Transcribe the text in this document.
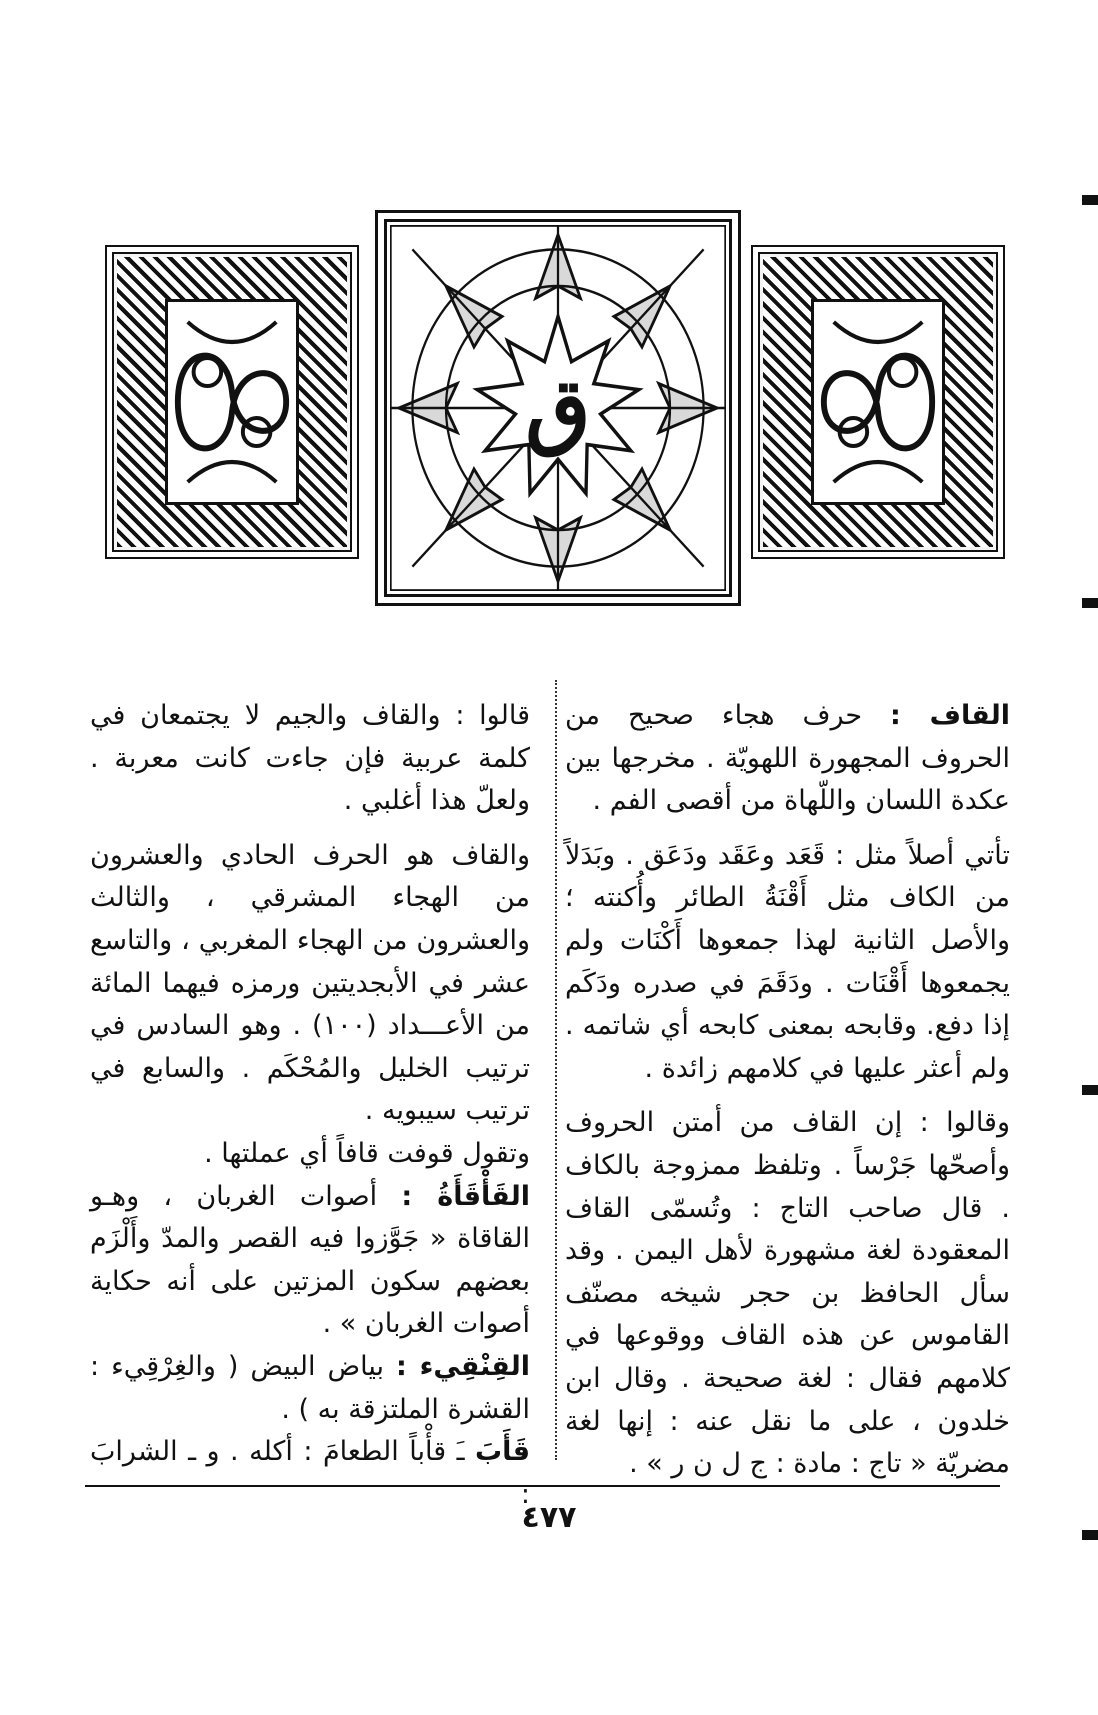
ق

القاف : حرف هجاء صحيح من الحروف المجهورة اللهويّة . مخرجها بين عكدة اللسان واللّهاة من أقصى الفم .

تأتي أصلاً مثل : قَعَد وعَقَد ودَعَق . وبَدَلاً من الكاف مثل أَقْنَةُ الطائر وأُكنته ؛ والأصل الثانية لهذا جمعوها أَكْنَات ولم يجمعوها أَقْنَات . ودَقَمَ في صدره ودَكَم إذا دفع. وقابحه بمعنى كابحه أي شاتمه . ولم أعثر عليها في كلامهم زائدة .

وقالوا : إن القاف من أمتن الحروف وأصحّها جَرْساً . وتلفظ ممزوجة بالكاف . قال صاحب التاج : وتُسمّى القاف المعقودة لغة مشهورة لأهل اليمن . وقد سأل الحافظ بن حجر شيخه مصنّف القاموس عن هذه القاف ووقوعها في كلامهم فقال : لغة صحيحة . وقال ابن خلدون ، على ما نقل عنه : إنها لغة مضريّة « تاج : مادة : ج ل ن ر » .

قالوا : والقاف والجيم لا يجتمعان في كلمة عربية فإن جاءت كانت معربة . ولعلّ هذا أغلبي .

والقاف هو الحرف الحادي والعشرون من الهجاء المشرقي ، والثالث والعشرون من الهجاء المغربي ، والتاسع عشر في الأبجديتين ورمزه فيهما المائة من الأعـــداد (١٠٠) . وهو السادس في ترتيب الخليل والمُحْكَم . والسابع في ترتيب سيبويه .

وتقول قوفت قافاً أي عملتها .

القَأْقَأَةُ : أصوات الغربان ، وهـو القاقاة « جَوَّزوا فيه القصر والمدّ وأَلْزَم بعضهم سكون المزتين على أنه حكاية أصوات الغربان » .

القِنْقِيء : بياض البيض ( والغِرْقِيء : القشرة الملتزقة به ) .

قَأَبَ ـَ قأْباً الطعامَ : أكله . و ـ الشرابَ :

٤٧٧
